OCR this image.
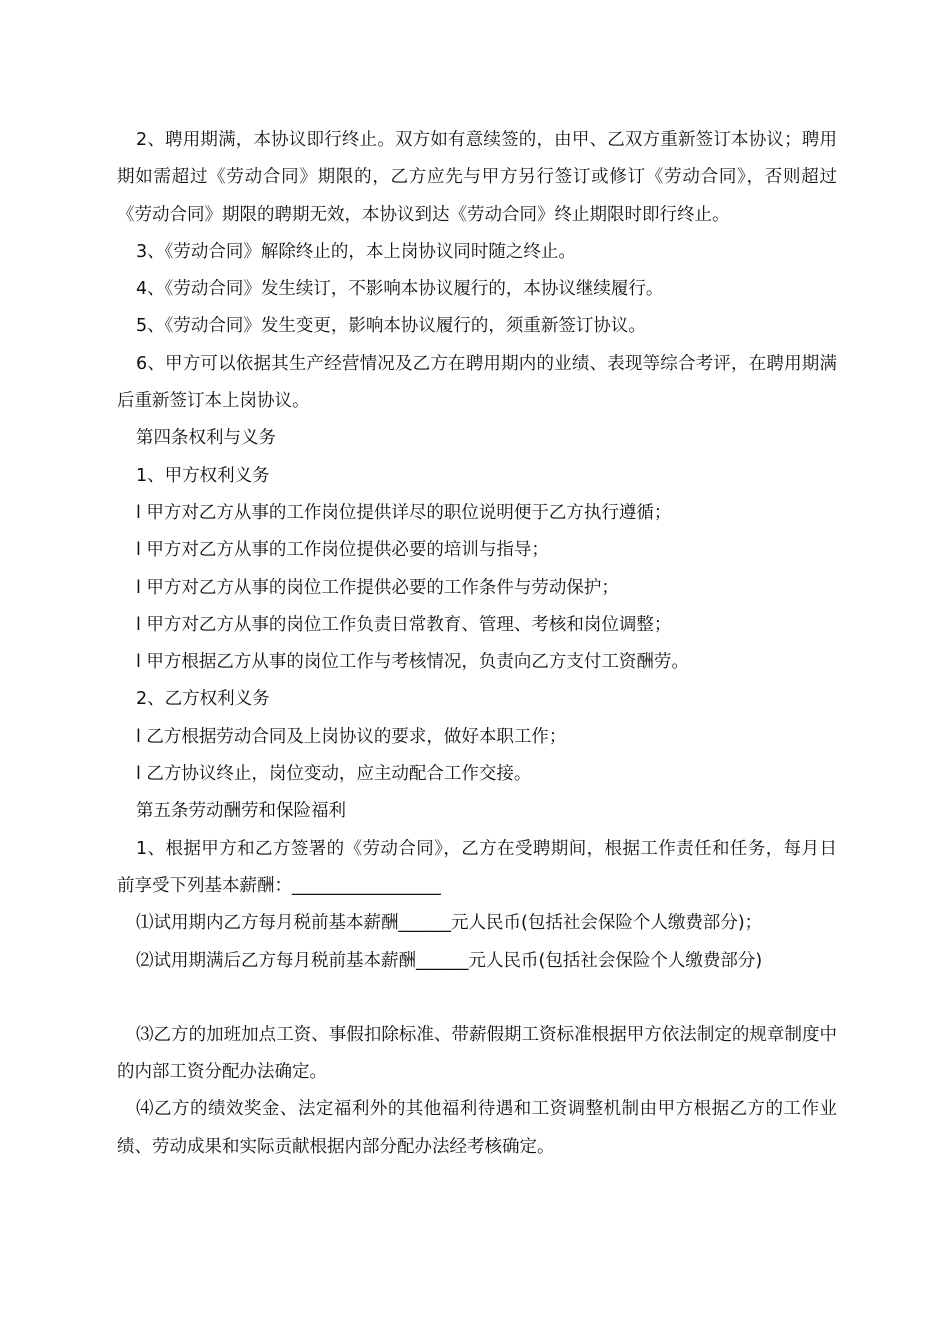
2、聘用期满，本协议即行终止。双方如有意续签的，由甲、乙双方重新签订本协议；聘用期如需超过《劳动合同》期限的，乙方应先与甲方另行签订或修订《劳动合同》，否则超过《劳动合同》期限的聘期无效，本协议到达《劳动合同》终止期限时即行终止。

3、《劳动合同》解除终止的，本上岗协议同时随之终止。

4、《劳动合同》发生续订，不影响本协议履行的，本协议继续履行。

5、《劳动合同》发生变更，影响本协议履行的，须重新签订协议。

6、甲方可以依据其生产经营情况及乙方在聘用期内的业绩、表现等综合考评，在聘用期满后重新签订本上岗协议。

第四条权利与义务

1、甲方权利义务

l 甲方对乙方从事的工作岗位提供详尽的职位说明便于乙方执行遵循；

l 甲方对乙方从事的工作岗位提供必要的培训与指导；

l 甲方对乙方从事的岗位工作提供必要的工作条件与劳动保护；

l 甲方对乙方从事的岗位工作负责日常教育、管理、考核和岗位调整；

l 甲方根据乙方从事的岗位工作与考核情况，负责向乙方支付工资酬劳。

2、乙方权利义务

l 乙方根据劳动合同及上岗协议的要求，做好本职工作；

l 乙方协议终止，岗位变动，应主动配合工作交接。

第五条劳动酬劳和保险福利

1、根据甲方和乙方签署的《劳动合同》，乙方在受聘期间，根据工作责任和任务，每月日前享受下列基本薪酬：_________________

⑴试用期内乙方每月税前基本薪酬______元人民币(包括社会保险个人缴费部分)；

⑵试用期满后乙方每月税前基本薪酬______元人民币(包括社会保险个人缴费部分)

⑶乙方的加班加点工资、事假扣除标准、带薪假期工资标准根据甲方依法制定的规章制度中的内部工资分配办法确定。

⑷乙方的绩效奖金、法定福利外的其他福利待遇和工资调整机制由甲方根据乙方的工作业绩、劳动成果和实际贡献根据内部分配办法经考核确定。
